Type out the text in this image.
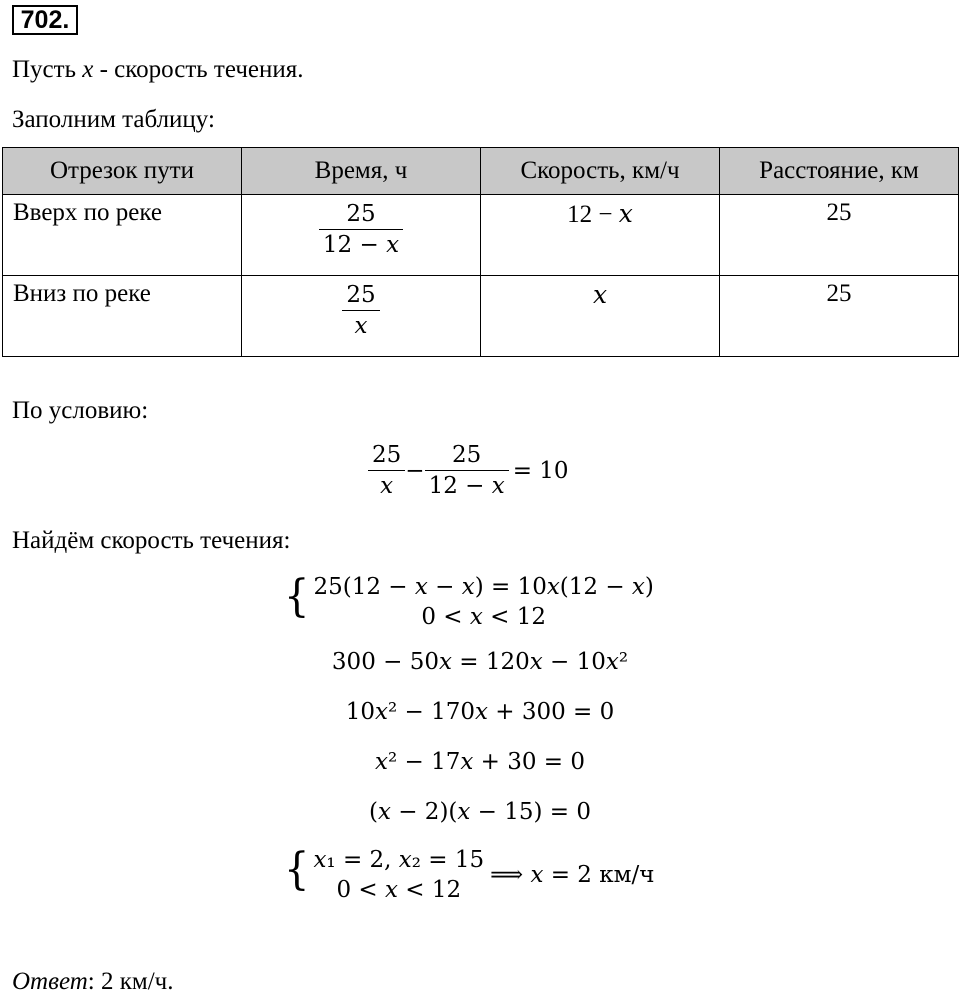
702.
Пусть x - скорость течения.
Заполним таблицу:
Отрезок пути	Время, ч	Скорость, км/ч	Расстояние, км
Вверх по реке	$\frac{25}{\text{12 − 𝑥}}$	12 − 𝑥	25
Вниз по реке	$\frac{25}{\text{𝑥}}$	𝑥	25
По условию:
$\frac{25}{\text{𝑥}} - \frac{25}{\text{12 − 𝑥}} = 10$
Найдём скорость течения:
{ 25(12 − 𝑥 − 𝑥) = 10𝑥(12 − 𝑥)
0 < 𝑥 < 12
300 − 50𝑥 = 120𝑥 − 10𝑥²
10𝑥² − 170𝑥 + 300 = 0
𝑥² − 17𝑥 + 30 = 0
(𝑥 − 2)(𝑥 − 15) = 0
{ 𝑥₁ = 2, 𝑥₂ = 15
0 < 𝑥 < 12
⟹ 𝑥 = 2 км/ч
Ответ: 2 км/ч.
